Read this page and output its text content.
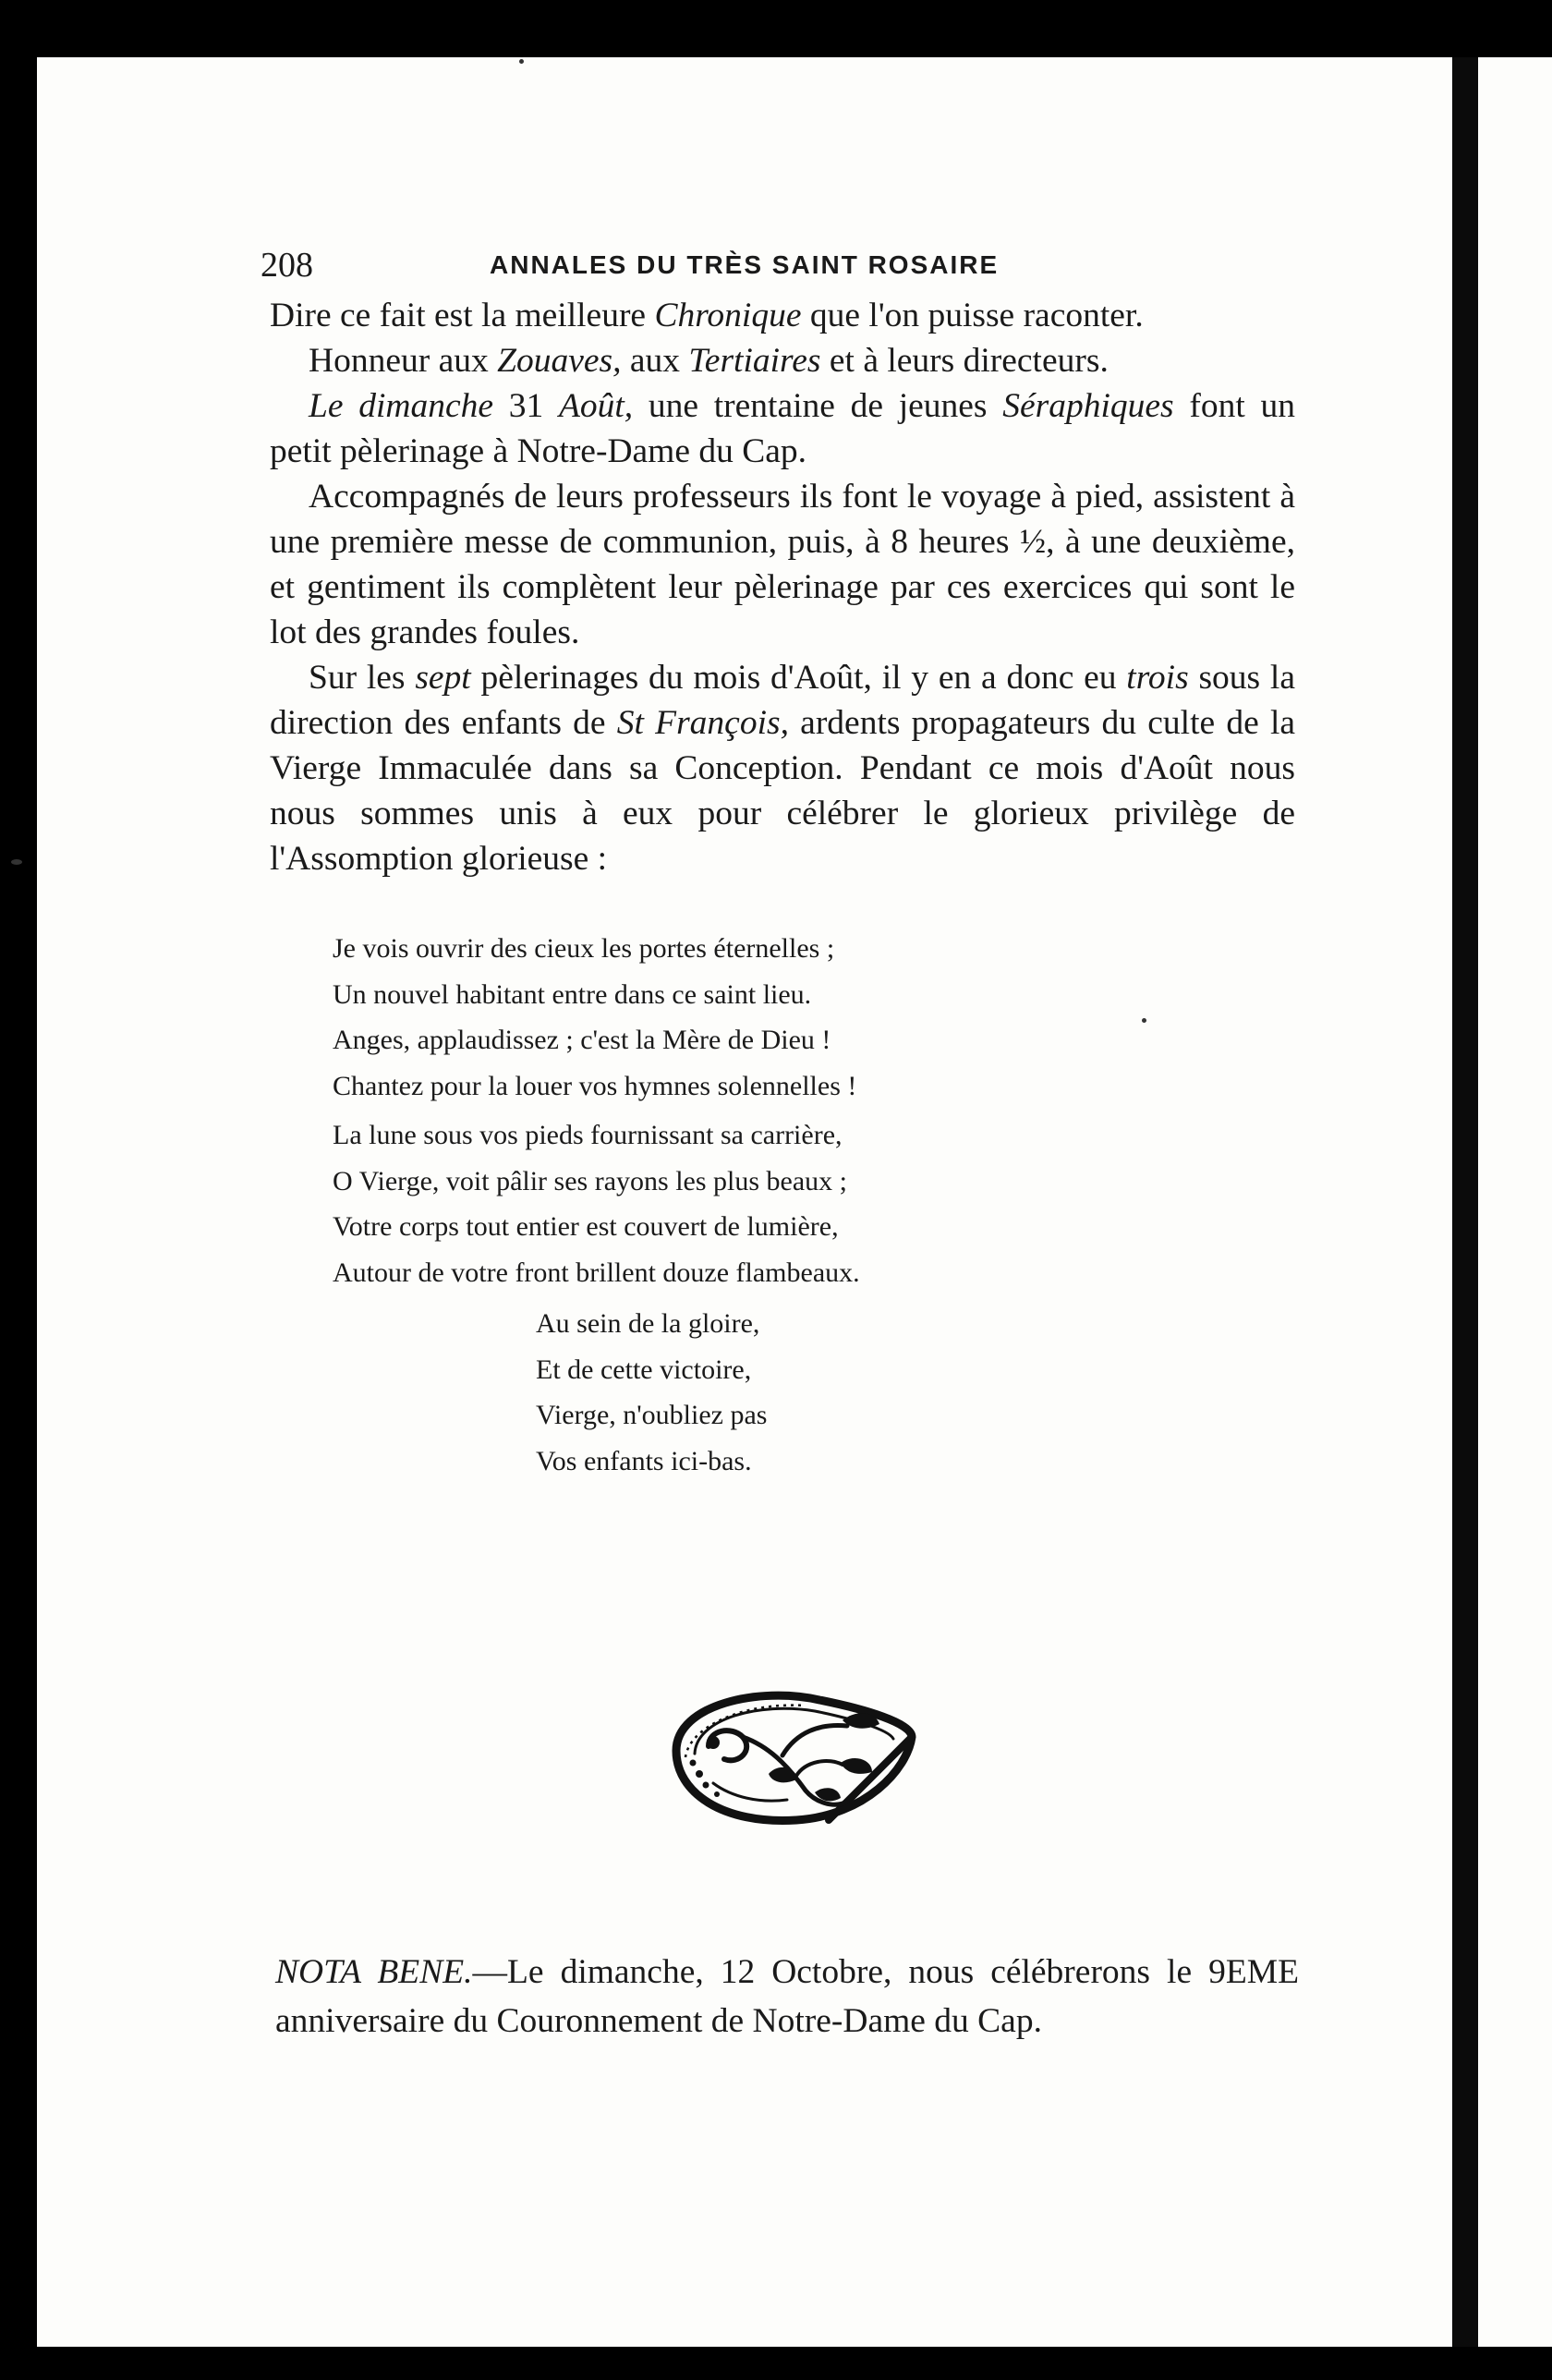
208	ANNALES DU TRÈS SAINT ROSAIRE

Dire ce fait est la meilleure Chronique que l'on puisse raconter.

Honneur aux Zouaves, aux Tertiaires et à leurs directeurs.

Le dimanche 31 Août, une trentaine de jeunes Séraphiques font un petit pèlerinage à Notre-Dame du Cap.

Accompagnés de leurs professeurs ils font le voyage à pied, assistent à une première messe de communion, puis, à 8 heures ½, à une deuxième, et gentiment ils complètent leur pèlerinage par ces exercices qui sont le lot des grandes foules.

Sur les sept pèlerinages du mois d'Août, il y en a donc eu trois sous la direction des enfants de St François, ardents propagateurs du culte de la Vierge Immaculée dans sa Conception. Pendant ce mois d'Août nous nous sommes unis à eux pour célébrer le glorieux privilège de l'Assomption glorieuse :

Je vois ouvrir des cieux les portes éternelles ;
Un nouvel habitant entre dans ce saint lieu.
Anges, applaudissez ; c'est la Mère de Dieu !
Chantez pour la louer vos hymnes solennelles !
La lune sous vos pieds fournissant sa carrière,
O Vierge, voit pâlir ses rayons les plus beaux ;
Votre corps tout entier est couvert de lumière,
Autour de votre front brillent douze flambeaux.
Au sein de la gloire,
Et de cette victoire,
Vierge, n'oubliez pas
Vos enfants ici-bas.
NOTA BENE.—Le dimanche, 12 Octobre, nous célébrerons le 9EME anniversaire du Couronnement de Notre-Dame du Cap.
